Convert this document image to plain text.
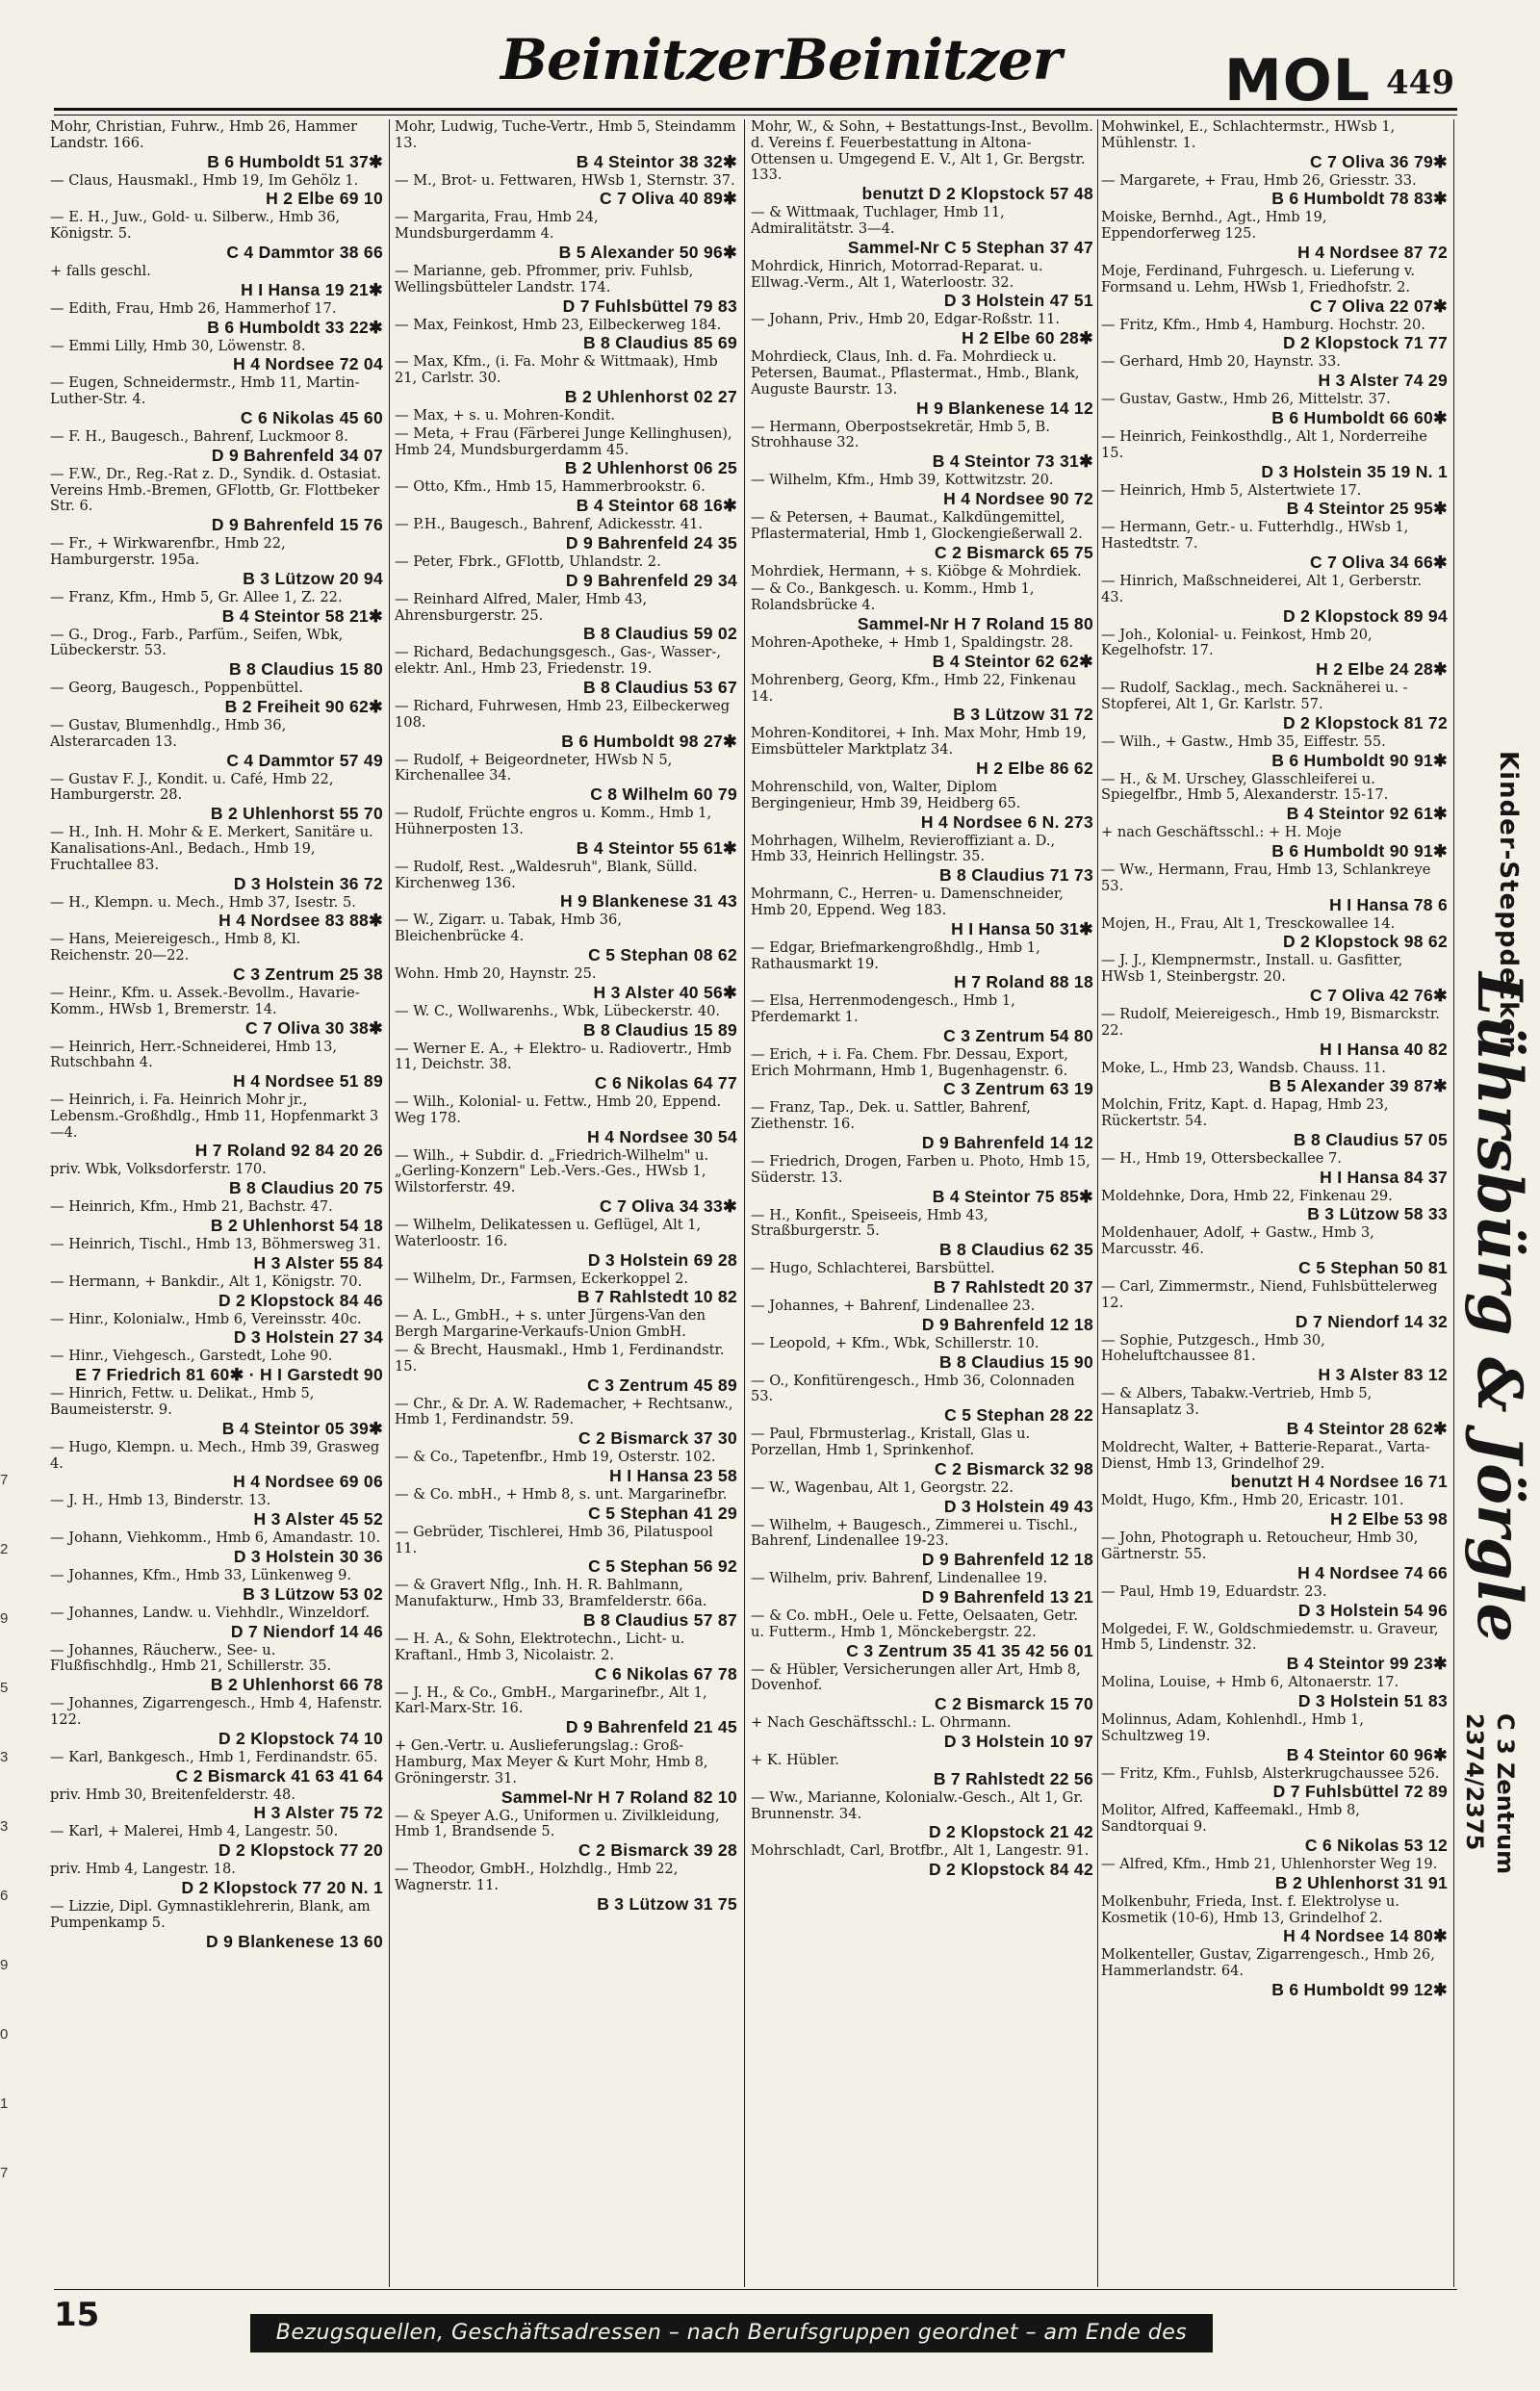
Beinitzer Beinitzer	MOL 449
Mohr, Christian, Fuhrw., Hmb 26, Hammer Landstr. 166.
B 6 Humboldt 51 37✱
— Claus, Hausmakl., Hmb 19, Im Gehölz 1.
H 2 Elbe 69 10
— E. H., Juw., Gold- u. Silberw., Hmb 36, Königstr. 5.
C 4 Dammtor 38 66
+ falls geschl.
H I Hansa 19 21✱
— Edith, Frau, Hmb 26, Hammerhof 17.
B 6 Humboldt 33 22✱
— Emmi Lilly, Hmb 30, Löwenstr. 8.
H 4 Nordsee 72 04
— Eugen, Schneidermstr., Hmb 11, Martin-Luther-Str. 4.
C 6 Nikolas 45 60
— F. H., Baugesch., Bahrenf, Luckmoor 8.
D 9 Bahrenfeld 34 07
— F.W., Dr., Reg.-Rat z. D., Syndik. d. Ostasiat. Vereins Hmb.-Bremen, GFlottb, Gr. Flottbeker Str. 6.
D 9 Bahrenfeld 15 76
— Fr., + Wirkwarenfbr., Hmb 22, Hamburgerstr. 195a.
B 3 Lützow 20 94
— Franz, Kfm., Hmb 5, Gr. Allee 1, Z. 22.
B 4 Steintor 58 21✱
— G., Drog., Farb., Parfüm., Seifen, Wbk, Lübeckerstr. 53.
B 8 Claudius 15 80
— Georg, Baugesch., Poppenbüttel.
B 2 Freiheit 90 62✱
— Gustav, Blumenhdlg., Hmb 36, Alsterarcaden 13.
C 4 Dammtor 57 49
— Gustav F. J., Kondit. u. Café, Hmb 22, Hamburgerstr. 28.
B 2 Uhlenhorst 55 70
— H., Inh. H. Mohr & E. Merkert, Sanitäre u. Kanalisations-Anl., Bedach., Hmb 19, Fruchtallee 83.
D 3 Holstein 36 72
— H., Klempn. u. Mech., Hmb 37, Isestr. 5.
H 4 Nordsee 83 88✱
— Hans, Meiereigesch., Hmb 8, Kl. Reichenstr. 20—22.
C 3 Zentrum 25 38
— Heinr., Kfm. u. Assek.-Bevollm., Havarie-Komm., HWsb 1, Bremerstr. 14.
C 7 Oliva 30 38✱
— Heinrich, Herr.-Schneiderei, Hmb 13, Rutschbahn 4.
H 4 Nordsee 51 89
— Heinrich, i. Fa. Heinrich Mohr jr., Lebensm.-Großhdlg., Hmb 11, Hopfenmarkt 3—4.
H 7 Roland 92 84 20 26
priv. Wbk, Volksdorferstr. 170.
B 8 Claudius 20 75
— Heinrich, Kfm., Hmb 21, Bachstr. 47.
B 2 Uhlenhorst 54 18
— Heinrich, Tischl., Hmb 13, Böhmersweg 31.
H 3 Alster 55 84
— Hermann, + Bankdir., Alt 1, Königstr. 70.
D 2 Klopstock 84 46
— Hinr., Kolonialw., Hmb 6, Vereinsstr. 40c.
D 3 Holstein 27 34
— Hinr., Viehgesch., Garstedt, Lohe 90.
E 7 Friedrich 81 60✱ · H I Garstedt 90
— Hinrich, Fettw. u. Delikat., Hmb 5, Baumeisterstr. 9.
B 4 Steintor 05 39✱
— Hugo, Klempn. u. Mech., Hmb 39, Grasweg 4.
H 4 Nordsee 69 06
— J. H., Hmb 13, Binderstr. 13.
H 3 Alster 45 52
— Johann, Viehkomm., Hmb 6, Amandastr. 10.
D 3 Holstein 30 36
— Johannes, Kfm., Hmb 33, Lünkenweg 9.
B 3 Lützow 53 02
— Johannes, Landw. u. Viehhdlr., Winzeldorf.
D 7 Niendorf 14 46
— Johannes, Räucherw., See- u. Flußfischhdlg., Hmb 21, Schillerstr. 35.
B 2 Uhlenhorst 66 78
— Johannes, Zigarrengesch., Hmb 4, Hafenstr. 122.
D 2 Klopstock 74 10
— Karl, Bankgesch., Hmb 1, Ferdinandstr. 65.
C 2 Bismarck 41 63 41 64
priv. Hmb 30, Breitenfelderstr. 48.
H 3 Alster 75 72
— Karl, + Malerei, Hmb 4, Langestr. 50.
D 2 Klopstock 77 20
priv. Hmb 4, Langestr. 18.
D 2 Klopstock 77 20 N. 1
— Lizzie, Dipl. Gymnastiklehrerin, Blank, am Pumpenkamp 5.
D 9 Blankenese 13 60
Mohr, Ludwig, Tuche-Vertr., Hmb 5, Steindamm 13.
B 4 Steintor 38 32✱
— M., Brot- u. Fettwaren, HWsb 1, Sternstr. 37.
C 7 Oliva 40 89✱
— Margarita, Frau, Hmb 24, Mundsburgerdamm 4.
B 5 Alexander 50 96✱
— Marianne, geb. Pfrommer, priv. Fuhlsb, Wellingsbütteler Landstr. 174.
D 7 Fuhlsbüttel 79 83
— Max, Feinkost, Hmb 23, Eilbeckerweg 184.
B 8 Claudius 85 69
— Max, Kfm., (i. Fa. Mohr & Wittmaak), Hmb 21, Carlstr. 30.
B 2 Uhlenhorst 02 27
— Max, + s. u. Mohren-Kondit.
— Meta, + Frau (Färberei Junge Kellinghusen), Hmb 24, Mundsburgerdamm 45.
B 2 Uhlenhorst 06 25
— Otto, Kfm., Hmb 15, Hammerbrookstr. 6.
B 4 Steintor 68 16✱
— P.H., Baugesch., Bahrenf, Adickesstr. 41.
D 9 Bahrenfeld 24 35
— Peter, Fbrk., GFlottb, Uhlandstr. 2.
D 9 Bahrenfeld 29 34
— Reinhard Alfred, Maler, Hmb 43, Ahrensburgerstr. 25.
B 8 Claudius 59 02
— Richard, Bedachungsgesch., Gas-, Wasser-, elektr. Anl., Hmb 23, Friedenstr. 19.
B 8 Claudius 53 67
— Richard, Fuhrwesen, Hmb 23, Eilbeckerweg 108.
B 6 Humboldt 98 27✱
— Rudolf, + Beigeordneter, HWsb N 5, Kirchenallee 34.
C 8 Wilhelm 60 79
— Rudolf, Früchte engros u. Komm., Hmb 1, Hühnerposten 13.
B 4 Steintor 55 61✱
— Rudolf, Rest. „Waldesruh", Blank, Sülld. Kirchenweg 136.
H 9 Blankenese 31 43
— W., Zigarr. u. Tabak, Hmb 36, Bleichenbrücke 4.
C 5 Stephan 08 62
Wohn. Hmb 20, Haynstr. 25.
H 3 Alster 40 56✱
— W. C., Wollwarenhs., Wbk, Lübeckerstr. 40.
B 8 Claudius 15 89
— Werner E. A., + Elektro- u. Radiovertr., Hmb 11, Deichstr. 38.
C 6 Nikolas 64 77
— Wilh., Kolonial- u. Fettw., Hmb 20, Eppend. Weg 178.
H 4 Nordsee 30 54
— Wilh., + Subdir. d. „Friedrich-Wilhelm" u. „Gerling-Konzern" Leb.-Vers.-Ges., HWsb 1, Wilstorferstr. 49.
C 7 Oliva 34 33✱
— Wilhelm, Delikatessen u. Geflügel, Alt 1, Waterloostr. 16.
D 3 Holstein 69 28
— Wilhelm, Dr., Farmsen, Eckerkoppel 2.
B 7 Rahlstedt 10 82
— A. L., GmbH., + s. unter Jürgens-Van den Bergh Margarine-Verkaufs-Union GmbH.
— & Brecht, Hausmakl., Hmb 1, Ferdinandstr. 15.
C 3 Zentrum 45 89
— Chr., & Dr. A. W. Rademacher, + Rechtsanw., Hmb 1, Ferdinandstr. 59.
C 2 Bismarck 37 30
— & Co., Tapetenfbr., Hmb 19, Osterstr. 102.
H I Hansa 23 58
— & Co. mbH., + Hmb 8, s. unt. Margarinefbr.
C 5 Stephan 41 29
— Gebrüder, Tischlerei, Hmb 36, Pilatuspool 11.
C 5 Stephan 56 92
— & Gravert Nflg., Inh. H. R. Bahlmann, Manufakturw., Hmb 33, Bramfelderstr. 66a.
B 8 Claudius 57 87
— H. A., & Sohn, Elektrotechn., Licht- u. Kraftanl., Hmb 3, Nicolaistr. 2.
C 6 Nikolas 67 78
— J. H., & Co., GmbH., Margarinefbr., Alt 1, Karl-Marx-Str. 16.
D 9 Bahrenfeld 21 45
+ Gen.-Vertr. u. Auslieferungslag.: Groß-Hamburg, Max Meyer & Kurt Mohr, Hmb 8, Gröningerstr. 31.
Sammel-Nr H 7 Roland 82 10
— & Speyer A.G., Uniformen u. Zivilkleidung, Hmb 1, Brandsende 5.
C 2 Bismarck 39 28
— Theodor, GmbH., Holzhdlg., Hmb 22, Wagnerstr. 11.
B 3 Lützow 31 75
Mohr, W., & Sohn, + Bestattungs-Inst., Bevollm. d. Vereins f. Feuerbestattung in Altona-Ottensen u. Umgegend E. V., Alt 1, Gr. Bergstr. 133.
benutzt D 2 Klopstock 57 48
— & Wittmaak, Tuchlager, Hmb 11, Admiralitätstr. 3—4.
Sammel-Nr C 5 Stephan 37 47
Mohrdick, Hinrich, Motorrad-Reparat. u. Ellwag.-Verm., Alt 1, Waterloostr. 32.
D 3 Holstein 47 51
— Johann, Priv., Hmb 20, Edgar-Roßstr. 11.
H 2 Elbe 60 28✱
Mohrdieck, Claus, Inh. d. Fa. Mohrdieck u. Petersen, Baumat., Pflastermat., Hmb., Blank, Auguste Baurstr. 13.
H 9 Blankenese 14 12
— Hermann, Oberpostsekretär, Hmb 5, B. Strohhause 32.
B 4 Steintor 73 31✱
— Wilhelm, Kfm., Hmb 39, Kottwitzstr. 20.
H 4 Nordsee 90 72
— & Petersen, + Baumat., Kalkdüngemittel, Pflastermaterial, Hmb 1, Glockengießerwall 2.
C 2 Bismarck 65 75
Mohrdiek, Hermann, + s. Kiöbge & Mohrdiek.
— & Co., Bankgesch. u. Komm., Hmb 1, Rolandsbrücke 4.
Sammel-Nr H 7 Roland 15 80
Mohren-Apotheke, + Hmb 1, Spaldingstr. 28.
B 4 Steintor 62 62✱
Mohrenberg, Georg, Kfm., Hmb 22, Finkenau 14.
B 3 Lützow 31 72
Mohren-Konditorei, + Inh. Max Mohr, Hmb 19, Eimsbütteler Marktplatz 34.
H 2 Elbe 86 62
Mohrenschild, von, Walter, Diplom Bergingenieur, Hmb 39, Heidberg 65.
H 4 Nordsee 6 N. 273
Mohrhagen, Wilhelm, Revieroffiziant a. D., Hmb 33, Heinrich Hellingstr. 35.
B 8 Claudius 71 73
Mohrmann, C., Herren- u. Damenschneider, Hmb 20, Eppend. Weg 183.
H I Hansa 50 31✱
— Edgar, Briefmarkengroßhdlg., Hmb 1, Rathausmarkt 19.
H 7 Roland 88 18
— Elsa, Herrenmodengesch., Hmb 1, Pferdemarkt 1.
C 3 Zentrum 54 80
— Erich, + i. Fa. Chem. Fbr. Dessau, Export, Erich Mohrmann, Hmb 1, Bugenhagenstr. 6.
C 3 Zentrum 63 19
— Franz, Tap., Dek. u. Sattler, Bahrenf, Ziethenstr. 16.
D 9 Bahrenfeld 14 12
— Friedrich, Drogen, Farben u. Photo, Hmb 15, Süderstr. 13.
B 4 Steintor 75 85✱
— H., Konfit., Speiseeis, Hmb 43, Straßburgerstr. 5.
B 8 Claudius 62 35
— Hugo, Schlachterei, Barsbüttel.
B 7 Rahlstedt 20 37
— Johannes, + Bahrenf, Lindenallee 23.
D 9 Bahrenfeld 12 18
— Leopold, + Kfm., Wbk, Schillerstr. 10.
B 8 Claudius 15 90
— O., Konfitürengesch., Hmb 36, Colonnaden 53.
C 5 Stephan 28 22
— Paul, Fbrmusterlag., Kristall, Glas u. Porzellan, Hmb 1, Sprinkenhof.
C 2 Bismarck 32 98
— W., Wagenbau, Alt 1, Georgstr. 22.
D 3 Holstein 49 43
— Wilhelm, + Baugesch., Zimmerei u. Tischl., Bahrenf, Lindenallee 19-23.
D 9 Bahrenfeld 12 18
— Wilhelm, priv. Bahrenf, Lindenallee 19.
D 9 Bahrenfeld 13 21
— & Co. mbH., Oele u. Fette, Oelsaaten, Getr. u. Futterm., Hmb 1, Mönckebergstr. 22.
C 3 Zentrum 35 41 35 42 56 01
— & Hübler, Versicherungen aller Art, Hmb 8, Dovenhof.
C 2 Bismarck 15 70
+ Nach Geschäftsschl.: L. Ohrmann.
D 3 Holstein 10 97
+ K. Hübler.
B 7 Rahlstedt 22 56
— Ww., Marianne, Kolonialw.-Gesch., Alt 1, Gr. Brunnenstr. 34.
D 2 Klopstock 21 42
Mohrschladt, Carl, Brotfbr., Alt 1, Langestr. 91.
D 2 Klopstock 84 42
Mohwinkel, E., Schlachtermstr., HWsb 1, Mühlenstr. 1.
C 7 Oliva 36 79✱
— Margarete, + Frau, Hmb 26, Griesstr. 33.
B 6 Humboldt 78 83✱
Moiske, Bernhd., Agt., Hmb 19, Eppendorferweg 125.
H 4 Nordsee 87 72
Moje, Ferdinand, Fuhrgesch. u. Lieferung v. Formsand u. Lehm, HWsb 1, Friedhofstr. 2.
C 7 Oliva 22 07✱
— Fritz, Kfm., Hmb 4, Hamburg. Hochstr. 20.
D 2 Klopstock 71 77
— Gerhard, Hmb 20, Haynstr. 33.
H 3 Alster 74 29
— Gustav, Gastw., Hmb 26, Mittelstr. 37.
B 6 Humboldt 66 60✱
— Heinrich, Feinkosthdlg., Alt 1, Norderreihe 15.
D 3 Holstein 35 19 N. 1
— Heinrich, Hmb 5, Alstertwiete 17.
B 4 Steintor 25 95✱
— Hermann, Getr.- u. Futterhdlg., HWsb 1, Hastedtstr. 7.
C 7 Oliva 34 66✱
— Hinrich, Maßschneiderei, Alt 1, Gerberstr. 43.
D 2 Klopstock 89 94
— Joh., Kolonial- u. Feinkost, Hmb 20, Kegelhofstr. 17.
H 2 Elbe 24 28✱
— Rudolf, Sacklag., mech. Sacknäherei u. -Stopferei, Alt 1, Gr. Karlstr. 57.
D 2 Klopstock 81 72
— Wilh., + Gastw., Hmb 35, Eiffestr. 55.
B 6 Humboldt 90 91✱
— H., & M. Urschey, Glasschleiferei u. Spiegelfbr., Hmb 5, Alexanderstr. 15-17.
B 4 Steintor 92 61✱
+ nach Geschäftsschl.: + H. Moje
B 6 Humboldt 90 91✱
— Ww., Hermann, Frau, Hmb 13, Schlankreye 53.
H I Hansa 78 6
Mojen, H., Frau, Alt 1, Tresckowallee 14.
D 2 Klopstock 98 62
— J. J., Klempnermstr., Install. u. Gasfitter, HWsb 1, Steinbergstr. 20.
C 7 Oliva 42 76✱
— Rudolf, Meiereigesch., Hmb 19, Bismarckstr. 22.
H I Hansa 40 82
Moke, L., Hmb 23, Wandsb. Chauss. 11.
B 5 Alexander 39 87✱
Molchin, Fritz, Kapt. d. Hapag, Hmb 23, Rückertstr. 54.
B 8 Claudius 57 05
— H., Hmb 19, Ottersbeckallee 7.
H I Hansa 84 37
Moldehnke, Dora, Hmb 22, Finkenau 29.
B 3 Lützow 58 33
Moldenhauer, Adolf, + Gastw., Hmb 3, Marcusstr. 46.
C 5 Stephan 50 81
— Carl, Zimmermstr., Niend, Fuhlsbüttelerweg 12.
D 7 Niendorf 14 32
— Sophie, Putzgesch., Hmb 30, Hoheluftchaussee 81.
H 3 Alster 83 12
— & Albers, Tabakw.-Vertrieb, Hmb 5, Hansaplatz 3.
B 4 Steintor 28 62✱
Moldrecht, Walter, + Batterie-Reparat., Varta-Dienst, Hmb 13, Grindelhof 29.
benutzt H 4 Nordsee 16 71
Moldt, Hugo, Kfm., Hmb 20, Ericastr. 101.
H 2 Elbe 53 98
— John, Photograph u. Retoucheur, Hmb 30, Gärtnerstr. 55.
H 4 Nordsee 74 66
— Paul, Hmb 19, Eduardstr. 23.
D 3 Holstein 54 96
Molgedei, F. W., Goldschmiedemstr. u. Graveur, Hmb 5, Lindenstr. 32.
B 4 Steintor 99 23✱
Molina, Louise, + Hmb 6, Altonaerstr. 17.
D 3 Holstein 51 83
Molinnus, Adam, Kohlenhdl., Hmb 1, Schultzweg 19.
B 4 Steintor 60 96✱
— Fritz, Kfm., Fuhlsb, Alsterkrugchaussee 526.
D 7 Fuhlsbüttel 72 89
Molitor, Alfred, Kaffeemakl., Hmb 8, Sandtorquai 9.
C 6 Nikolas 53 12
— Alfred, Kfm., Hmb 21, Uhlenhorster Weg 19.
B 2 Uhlenhorst 31 91
Molkenbuhr, Frieda, Inst. f. Elektrolyse u. Kosmetik (10-6), Hmb 13, Grindelhof 2.
H 4 Nordsee 14 80✱
Molkenteller, Gustav, Zigarrengesch., Hmb 26, Hammerlandstr. 64.
B 6 Humboldt 99 12✱
Kinder-Steppdecken
Lührsbürg & Jörgle
C 3 Zentrum
2374/2375
7
2
9
5
3
3
6
9
0
1
7
15	Bezugsquellen, Geschäftsadressen – nach Berufsgruppen geordnet – am Ende des Buches
